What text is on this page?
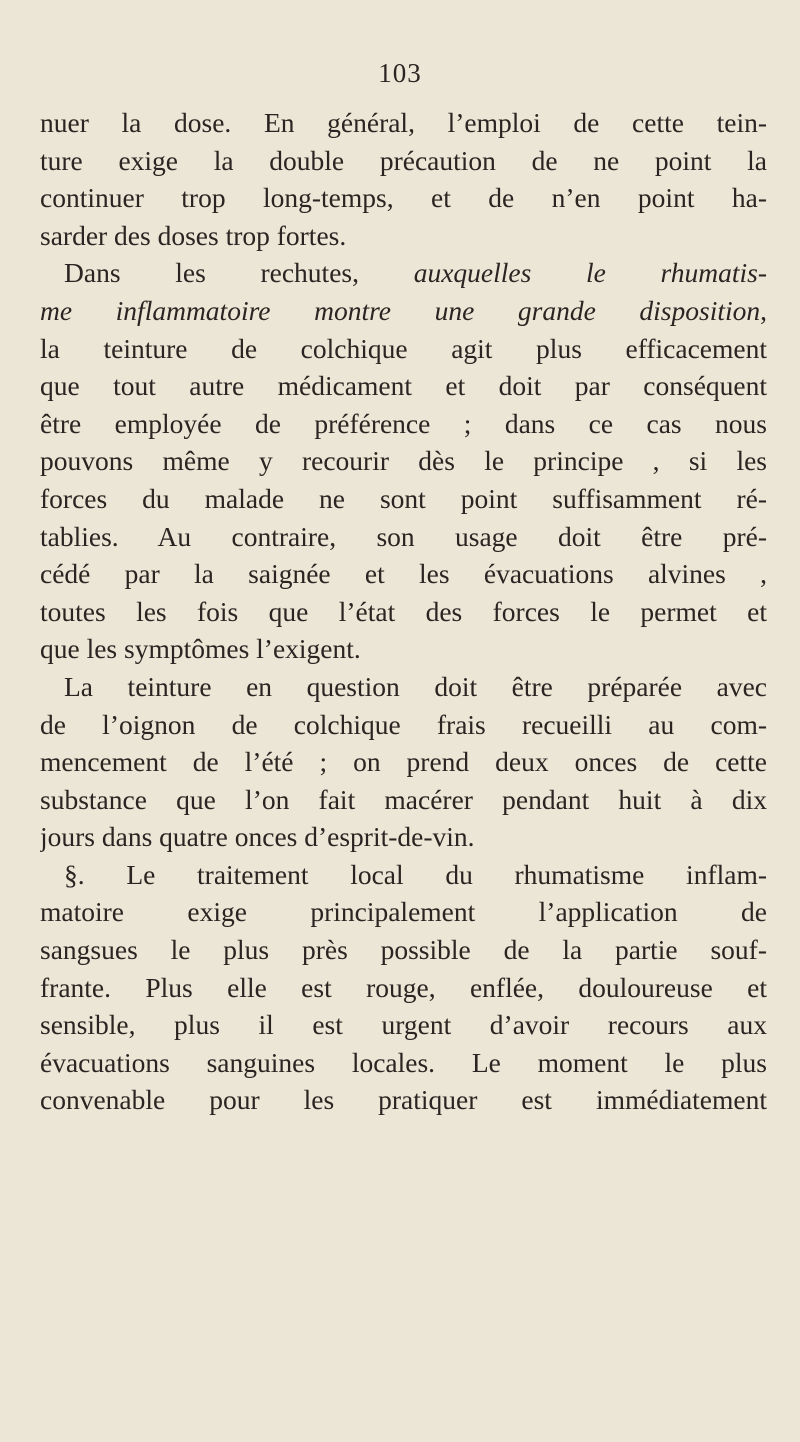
103
nuer la dose. En général, l’emploi de cette tein-
ture exige la double précaution de ne point la
continuer trop long-temps, et de n’en point ha-
sarder des doses trop fortes.
Dans les rechutes, auxquelles le rhumatis-
me inflammatoire montre une grande disposition,
la teinture de colchique agit plus efficacement
que tout autre médicament et doit par conséquent
être employée de préférence ; dans ce cas nous
pouvons même y recourir dès le principe , si les
forces du malade ne sont point suffisamment ré-
tablies. Au contraire, son usage doit être pré-
cédé par la saignée et les évacuations alvines ,
toutes les fois que l’état des forces le permet et
que les symptômes l’exigent.
La teinture en question doit être préparée avec
de l’oignon de colchique frais recueilli au com-
mencement de l’été ; on prend deux onces de cette
substance que l’on fait macérer pendant huit à dix
jours dans quatre onces d’esprit-de-vin.
§. Le traitement local du rhumatisme inflam-
matoire exige principalement l’application de
sangsues le plus près possible de la partie souf-
frante. Plus elle est rouge, enflée, douloureuse et
sensible, plus il est urgent d’avoir recours aux
évacuations sanguines locales. Le moment le plus
convenable pour les pratiquer est immédiatement
